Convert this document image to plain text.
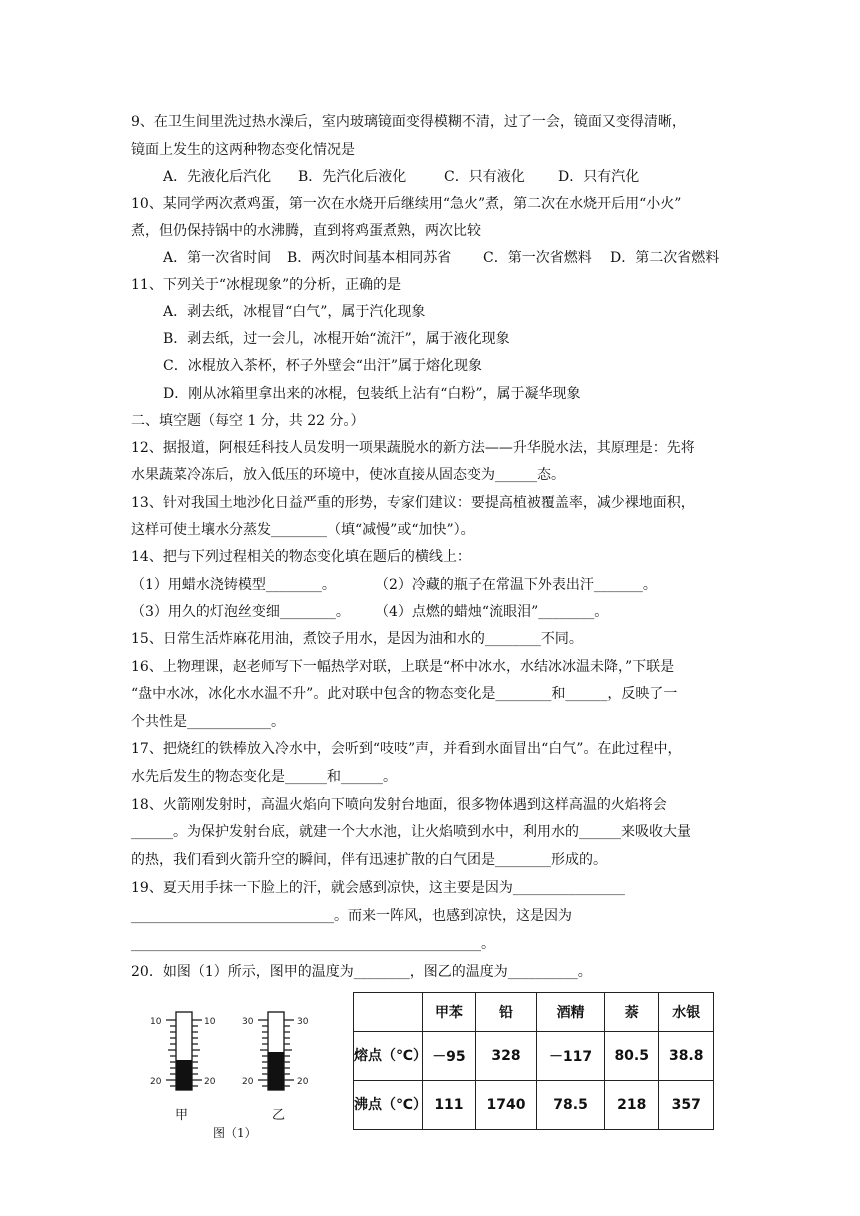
9、在卫生间里洗过热水澡后，室内玻璃镜面变得模糊不清，过了一会，镜面又变得清晰，
镜面上发生的这两种物态变化情况是
A．先液化后汽化 B．先汽化后液化	C．只有液化 D．只有汽化
10、某同学两次煮鸡蛋，第一次在水烧开后继续用“急火”煮，第二次在水烧开后用“小火”
煮，但仍保持锅中的水沸腾，直到将鸡蛋煮熟，两次比较
A．第一次省时间 B．两次时间基本相同苏省 C．第一次省燃料 D．第二次省燃料
11、下列关于“冰棍现象”的分析，正确的是
A．剥去纸，冰棍冒“白气”，属于汽化现象
B．剥去纸，过一会儿，冰棍开始“流汗”，属于液化现象
C．冰棍放入茶杯，杯子外壁会“出汗”属于熔化现象
D．刚从冰箱里拿出来的冰棍，包装纸上沾有“白粉”，属于凝华现象
二、填空题（每空 1 分，共 22 分。）
12、据报道，阿根廷科技人员发明一项果蔬脱水的新方法——升华脱水法，其原理是：先将
水果蔬菜冷冻后，放入低压的环境中，使冰直接从固态变为______态。
13、针对我国土地沙化日益严重的形势，专家们建议：要提高植被覆盖率，减少裸地面积，
这样可使土壤水分蒸发________（填“减慢”或“加快”）。
14、把与下列过程相关的物态变化填在题后的横线上：
（1）用蜡水浇铸模型________。	（2）冷藏的瓶子在常温下外表出汗_______。
（3）用久的灯泡丝变细________。 （4）点燃的蜡烛“流眼泪”________。
15、日常生活炸麻花用油，煮饺子用水，是因为油和水的________不同。
16、上物理课，赵老师写下一幅热学对联，上联是“杯中冰水，水结冰冰温未降，”下联是
“盘中水冰，冰化水水温不升”。此对联中包含的物态变化是________和______，反映了一
个共性是____________。
17、把烧红的铁棒放入冷水中，会听到“吱吱”声，并看到水面冒出“白气”。在此过程中，
水先后发生的物态变化是______和______。
18、火箭刚发射时，高温火焰向下喷向发射台地面，很多物体遇到这样高温的火焰将会
______。为保护发射台底，就建一个大水池，让火焰喷到水中，利用水的______来吸收大量
的热，我们看到火箭升空的瞬间，伴有迅速扩散的白气团是________形成的。
19、夏天用手抹一下脸上的汗，就会感到凉快，这主要是因为________________
_____________________________。而来一阵风，也感到凉快，这是因为
__________________________________________________。
20．如图（1）所示，图甲的温度为________，图乙的温度为__________。
10	10
20	20
30	30
20	20
甲	乙
图（1）
	甲苯	铅	酒精	萘	水银
熔点（℃）	－95	328	－117	80.5	38.8
沸点（℃）	111	1740	78.5	218	357
